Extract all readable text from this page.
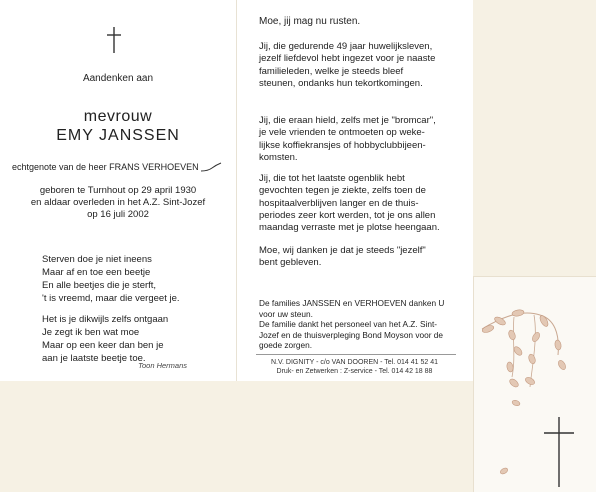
Aandenken aan
mevrouw
EMY JANSSEN
echtgenote van de heer FRANS VERHOEVEN
geboren te Turnhout op 29 april 1930
en aldaar overleden in het A.Z. Sint-Jozef
op 16 juli 2002
Sterven doe je niet ineens
Maar af en toe een beetje
En alle beetjes die je sterft,
't is vreemd, maar die vergeet je.
Het is je dikwijls zelfs ontgaan
Je zegt ik ben wat moe
Maar op een keer dan ben je
aan je laatste beetje toe.
Toon Hermans
Moe, jij mag nu rusten.
Jij, die gedurende 49 jaar huwelijksleven,
jezelf liefdevol hebt ingezet voor je naaste
familieleden, welke je steeds bleef
steunen, ondanks hun tekortkomingen.
Jij, die eraan hield, zelfs met je "bromcar",
je vele vrienden te ontmoeten op weke-
lijkse koffiekransjes of hobbyclubbijeen-
komsten.
Jij, die tot het laatste ogenblik hebt
gevochten tegen je ziekte, zelfs toen de
hospitaalverblijven langer en de thuis-
periodes zeer kort werden, tot je ons allen
maandag verraste met je plotse heengaan.
Moe, wij danken je dat je steeds "jezelf"
bent gebleven.
De families JANSSEN en VERHOEVEN danken U
voor uw steun.
De familie dankt het personeel van het A.Z. Sint-
Jozef en de thuisverpleging Bond Moyson voor de
goede zorgen.
N.V. DIGNITY - c/o VAN DOOREN - Tel. 014 41 52 41
Druk- en Zetwerken : Z-service - Tel. 014 42 18 88
